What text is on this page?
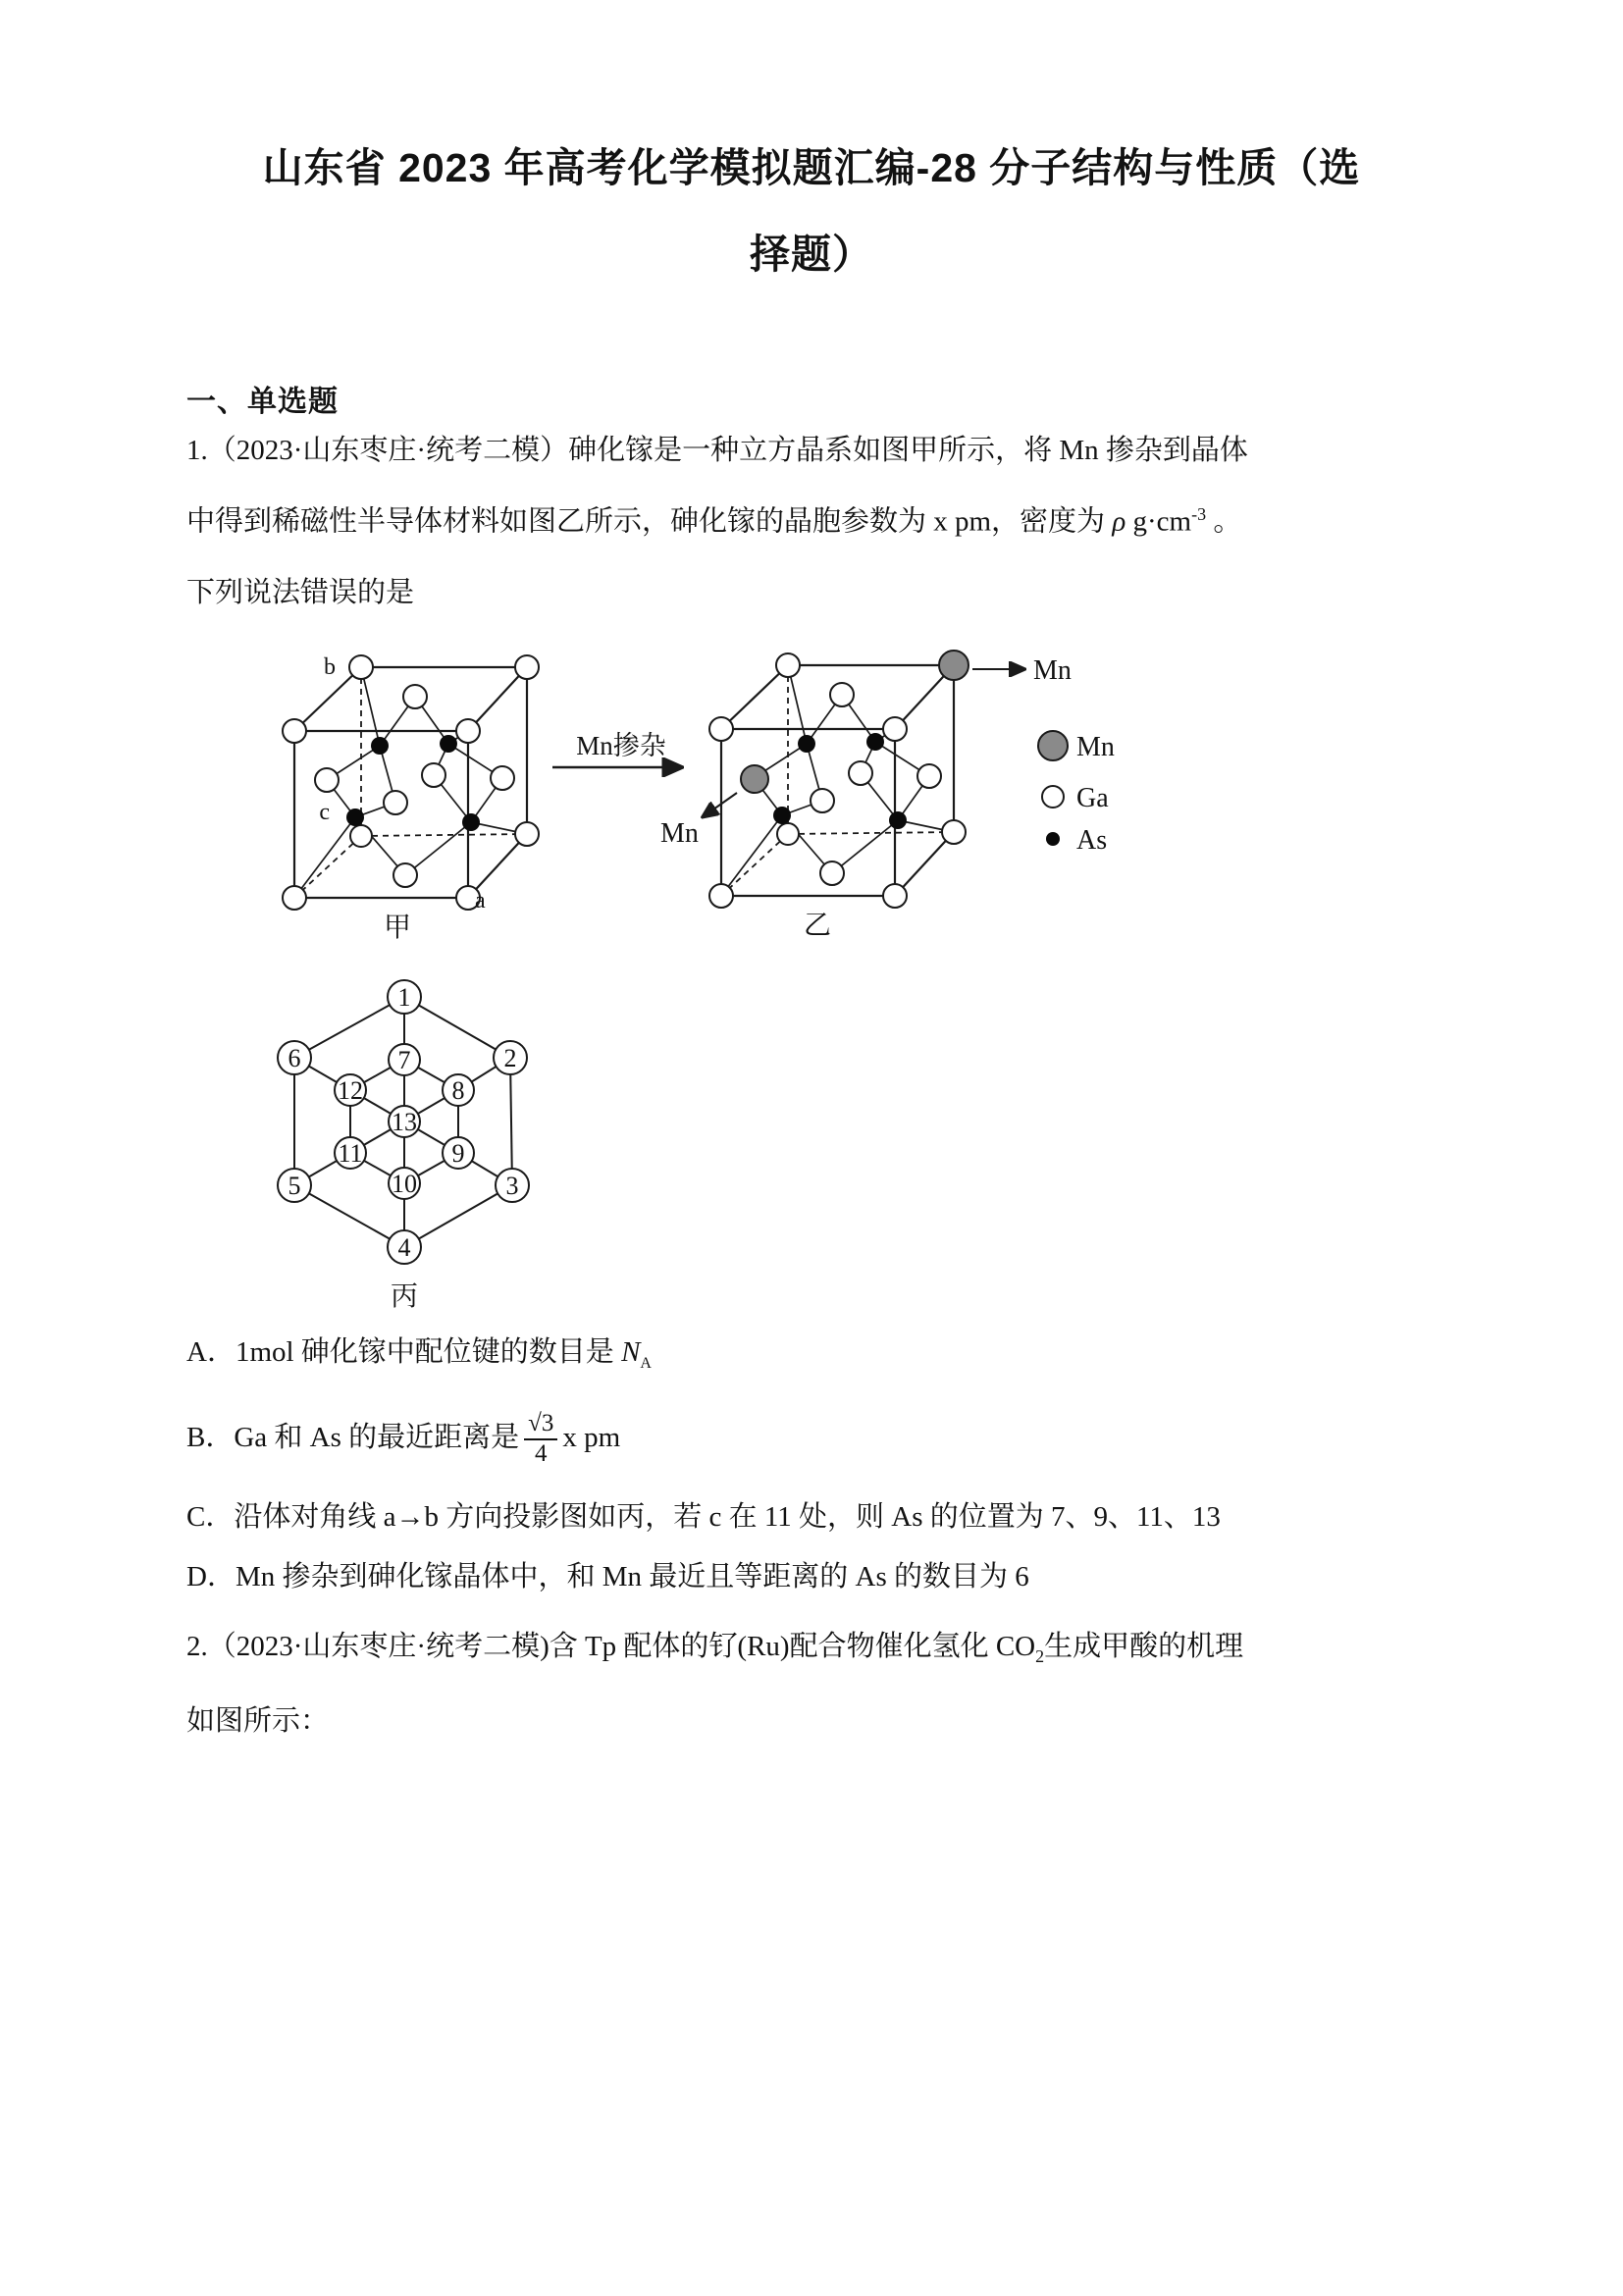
山东省 2023 年高考化学模拟题汇编-28 分子结构与性质（选
择题）
一、单选题
1.（2023·山东枣庄·统考二模）砷化镓是一种立方晶系如图甲所示，将 Mn 掺杂到晶体
中得到稀磁性半导体材料如图乙所示，砷化镓的晶胞参数为 x pm，密度为 ρ $g\cdot cm^{-3}$ 。
下列说法错误的是
b
c
a
甲
Mn掺杂
Mn
Mn
乙
Mn
Ga
As
1
2
3
4
5
6	7
8
9
10
11
12
13
丙
A．1mol 砷化镓中配位键的数目是 $N_A$
B．Ga 和 As 的最近距离是 $\frac{√3}{4}$ x pm
C．沿体对角线 a→b 方向投影图如丙，若 c 在 11 处，则 As 的位置为 7、9、11、13
D．Mn 掺杂到砷化镓晶体中，和 Mn 最近且等距离的 As 的数目为 6
2.（2023·山东枣庄·统考二模)含 Tp 配体的钌(Ru)配合物催化氢化 $CO_2$生成甲酸的机理
如图所示：
